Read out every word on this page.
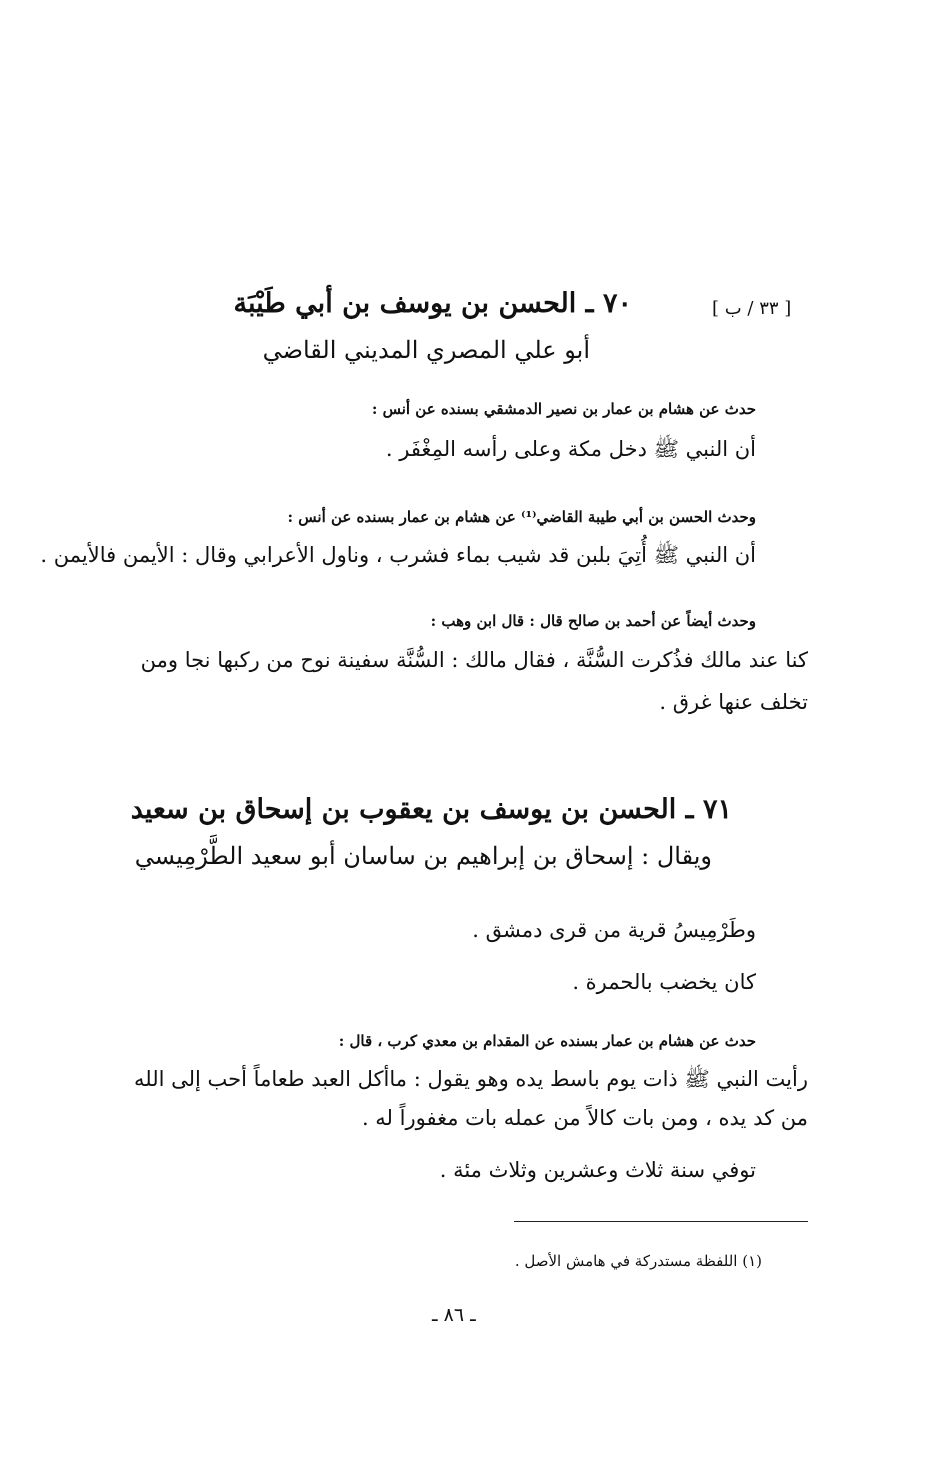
[ ٣٣ / ب ]
٧٠ ـ الحسن بن يوسف بن أبي طَيْبَة
أبو علي المصري المديني القاضي
حدث عن هشام بن عمار بن نصير الدمشقي بسنده عن أنس :
أن النبي ﷺ دخل مكة وعلى رأسه المِغْفَر .
وحدث الحسن بن أبي طيبة القاضي⁽¹⁾ عن هشام بن عمار بسنده عن أنس :
أن النبي ﷺ أُتِيَ بلبن قد شيب بماء فشرب ، وناول الأعرابي وقال : الأيمن فالأيمن .
وحدث أيضاً عن أحمد بن صالح قال : قال ابن وهب :
كنا عند مالك فذُكرت السُّنَّة ، فقال مالك : السُّنَّة سفينة نوح من ركبها نجا ومن
تخلف عنها غرق .
٧١ ـ الحسن بن يوسف بن يعقوب بن إسحاق بن سعيد
ويقال : إسحاق بن إبراهيم بن ساسان أبو سعيد الطَّرْمِيسي
وطَرْمِيسُ قرية من قرى دمشق .
كان يخضب بالحمرة .
حدث عن هشام بن عمار بسنده عن المقدام بن معدي كرب ، قال :
رأيت النبي ﷺ ذات يوم باسط يده وهو يقول : ماأكل العبد طعاماً أحب إلى الله
من كد يده ، ومن بات كالاً من عمله بات مغفوراً له .
توفي سنة ثلاث وعشرين وثلاث مئة .
(١) اللفظة مستدركة في هامش الأصل .
ـ ٨٦ ـ
